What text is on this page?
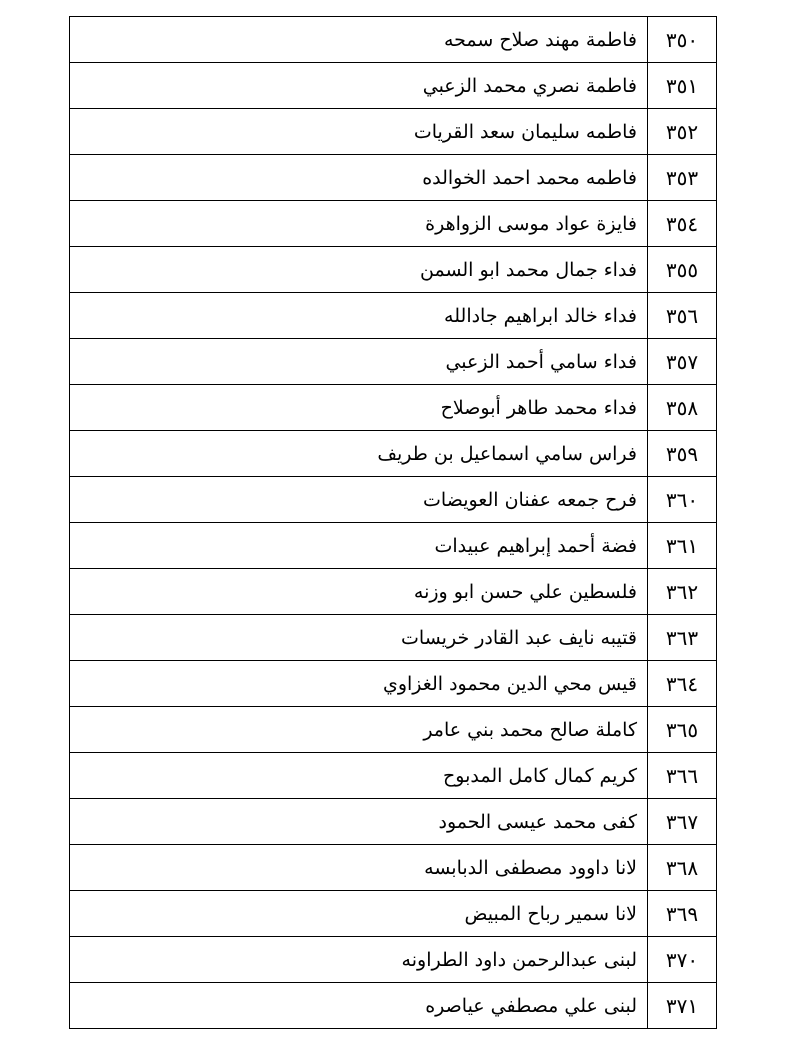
٣٥٠	فاطمة مهند صلاح سمحه
٣٥١	فاطمة نصري محمد الزعبي
٣٥٢	فاطمه سليمان سعد القريات
٣٥٣	فاطمه محمد احمد الخوالده
٣٥٤	فايزة عواد موسى الزواهرة
٣٥٥	فداء جمال محمد ابو السمن
٣٥٦	فداء خالد ابراهيم جادالله
٣٥٧	فداء سامي أحمد الزعبي
٣٥٨	فداء محمد طاهر أبوصلاح
٣٥٩	فراس سامي اسماعيل بن طريف
٣٦٠	فرح جمعه عفنان العويضات
٣٦١	فضة أحمد إبراهيم عبيدات
٣٦٢	فلسطين علي حسن ابو وزنه
٣٦٣	قتيبه نايف عبد القادر خريسات
٣٦٤	قيس محي الدين محمود الغزاوي
٣٦٥	كاملة صالح محمد بني عامر
٣٦٦	كريم كمال كامل المدبوح
٣٦٧	كفى محمد عيسى الحمود
٣٦٨	لانا داوود مصطفى الدبابسه
٣٦٩	لانا سمير رباح المبيض
٣٧٠	لبنى عبدالرحمن داود الطراونه
٣٧١	لبنى علي مصطفي عياصره
